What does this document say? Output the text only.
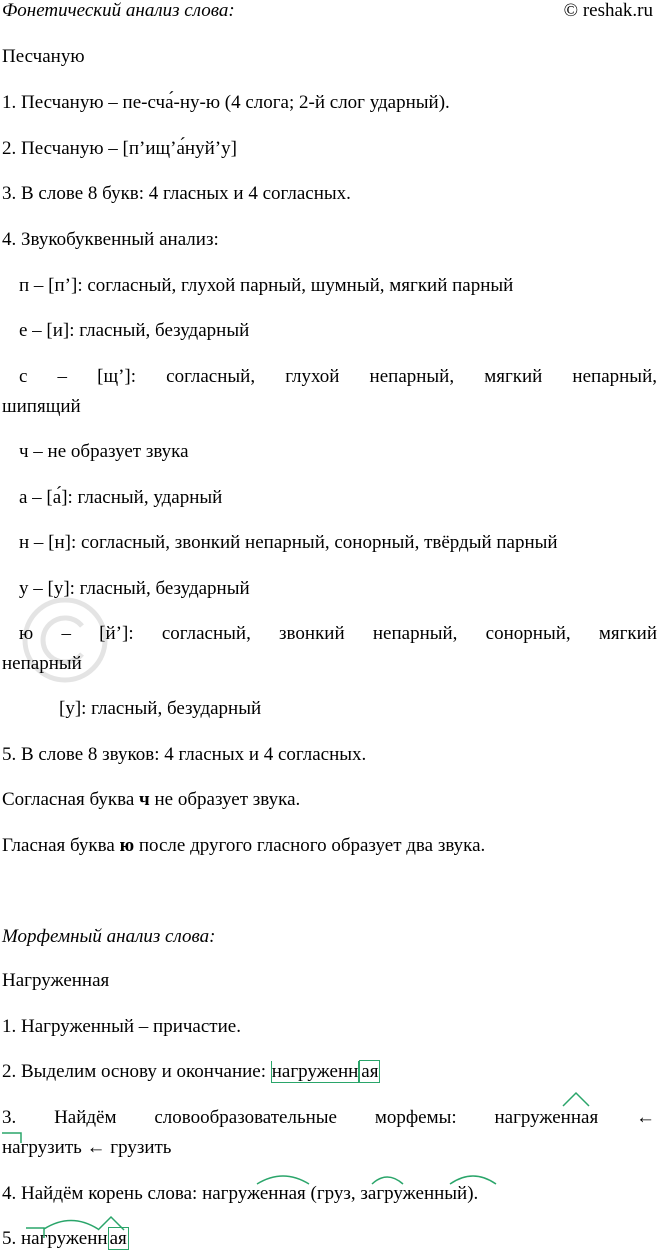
Фонетический анализ слова:	© reshak.ru
Песчаную
1. Песчаную – пе-сча́-ну-ю (4 слога; 2-й слог ударный).
2. Песчаную – [п’ищ’а́нуй’у]
3. В слове 8 букв: 4 гласных и 4 согласных.
4. Звукобуквенный анализ:
п – [п’]: согласный, глухой парный, шумный, мягкий парный
е – [и]: гласный, безударный
с – [щ’]: согласный, глухой непарный, мягкий непарный,
шипящий
ч – не образует звука
а – [а́]: гласный, ударный
н – [н]: согласный, звонкий непарный, сонорный, твёрдый парный
у – [у]: гласный, безударный
ю – [й’]: согласный, звонкий непарный, сонорный, мягкий
непарный
[у]: гласный, безударный
5. В слове 8 звуков: 4 гласных и 4 согласных.
Согласная буква ч не образует звука.
Гласная буква ю после другого гласного образует два звука.
Морфемный анализ слова:
Нагруженная
1. Нагруженный – причастие.
2. Выделим основу и окончание: нагруженн ая
3. Найдём словообразовательные морфемы: нагруженная ←
нагрузить ← грузить
4. Найдём корень слова: нагруженная (груз, загруженный).
5. нагруженн ая
